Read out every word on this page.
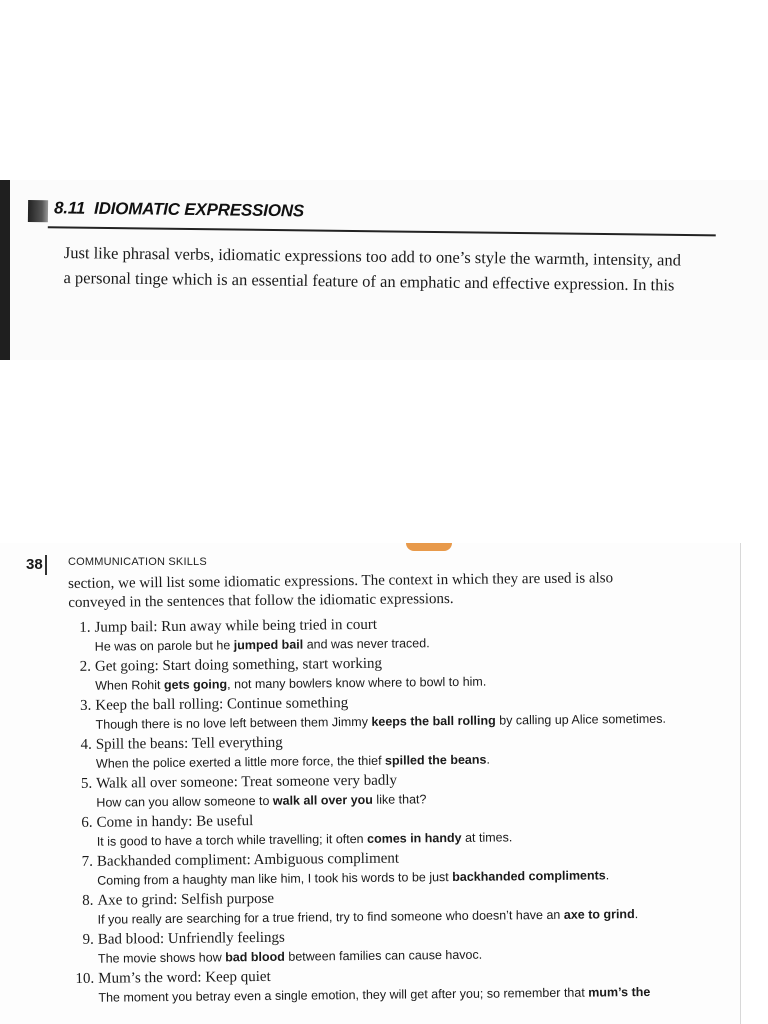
8.11 IDIOMATIC EXPRESSIONS
Just like phrasal verbs, idiomatic expressions too add to one’s style the warmth, intensity, and
a personal tinge which is an essential feature of an emphatic and effective expression. In this
38 COMMUNICATION SKILLS

section, we will list some idiomatic expressions. The context in which they are used is also
conveyed in the sentences that follow the idiomatic expressions.

1. Jump bail: Run away while being tried in court
He was on parole but he jumped bail and was never traced.
2. Get going: Start doing something, start working
When Rohit gets going, not many bowlers know where to bowl to him.
3. Keep the ball rolling: Continue something
Though there is no love left between them Jimmy keeps the ball rolling by calling up Alice sometimes.
4. Spill the beans: Tell everything
When the police exerted a little more force, the thief spilled the beans.
5. Walk all over someone: Treat someone very badly
How can you allow someone to walk all over you like that?
6. Come in handy: Be useful
It is good to have a torch while travelling; it often comes in handy at times.
7. Backhanded compliment: Ambiguous compliment
Coming from a haughty man like him, I took his words to be just backhanded compliments.
8. Axe to grind: Selfish purpose
If you really are searching for a true friend, try to find someone who doesn’t have an axe to grind.
9. Bad blood: Unfriendly feelings
The movie shows how bad blood between families can cause havoc.
10. Mum’s the word: Keep quiet
The moment you betray even a single emotion, they will get after you; so remember that mum’s the
